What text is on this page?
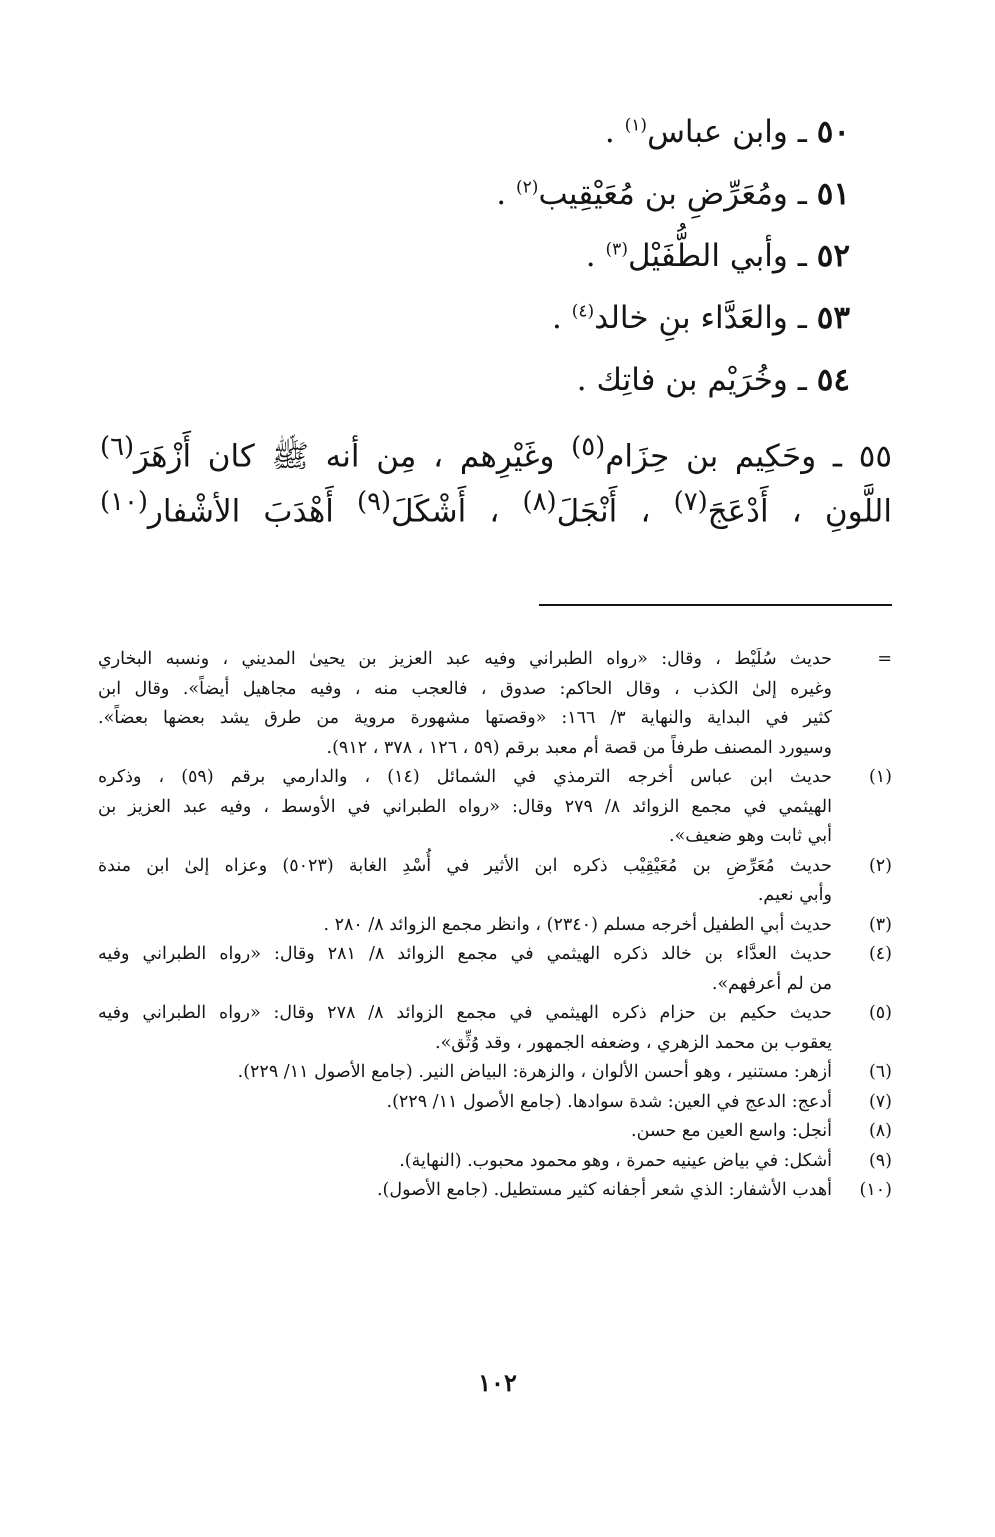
٥٠ ـ وابن عباس$^{(١)}$ .
٥١ ـ ومُعَرِّضِ بن مُعَيْقِيب$^{(٢)}$ .
٥٢ ـ وأبي الطُّفَيْل$^{(٣)}$ .
٥٣ ـ والعَدَّاء بنِ خالد$^{(٤)}$ .
٥٤ ـ وخُرَيْم بن فاتِك .
٥٥ ـ وحَكِيم بن حِزَام$^{(٥)}$ وغَيْرِهم ، مِن أنه ﷺ كان أَزْهَرَ$^{(٦)}$
اللَّونِ ، أَدْعَجَ$^{(٧)}$ ، أَنْجَلَ$^{(٨)}$ ، أَشْكَلَ$^{(٩)}$ أَهْدَبَ الأشْفار$^{(١٠)}$
=
حديث سُلَيْط ، وقال: «رواه الطبراني وفيه عبد العزيز بن يحيىٰ المديني ، ونسبه البخاري
وغيره إلىٰ الكذب ، وقال الحاكم: صدوق ، فالعجب منه ، وفيه مجاهيل أيضاً». وقال ابن
كثير في البداية والنهاية ٣/ ١٦٦: «وقصتها مشهورة مروية من طرق يشد بعضها بعضاً».
وسيورد المصنف طرفاً من قصة أم معبد برقم (٥٩ ، ١٢٦ ، ٣٧٨ ، ٩١٢).
(١)
حديث ابن عباس أخرجه الترمذي في الشمائل (١٤) ، والدارمي برقم (٥٩) ، وذكره
الهيثمي في مجمع الزوائد ٨/ ٢٧٩ وقال: «رواه الطبراني في الأوسط ، وفيه عبد العزيز بن
أبي ثابت وهو ضعيف».
(٢)
حديث مُعَرِّضِ بن مُعَيْقِيْب ذكره ابن الأثير في أُسْدِ الغابة (٥٠٢٣) وعزاه إلىٰ ابن مندة
وأبي نعيم.
(٣)
حديث أبي الطفيل أخرجه مسلم (٢٣٤٠) ، وانظر مجمع الزوائد ٨/ ٢٨٠ .
(٤)
حديث العدَّاء بن خالد ذكره الهيثمي في مجمع الزوائد ٨/ ٢٨١ وقال: «رواه الطبراني وفيه
من لم أعرفهم».
(٥)
حديث حكيم بن حزام ذكره الهيثمي في مجمع الزوائد ٨/ ٢٧٨ وقال: «رواه الطبراني وفيه
يعقوب بن محمد الزهري ، وضعفه الجمهور ، وقد وُثِّق».
(٦)
أزهر: مستنير ، وهو أحسن الألوان ، والزهرة: البياض النير. (جامع الأصول ١١/ ٢٢٩).
(٧)
أدعج: الدعج في العين: شدة سوادها. (جامع الأصول ١١/ ٢٢٩).
(٨)
أنجل: واسع العين مع حسن.
(٩)
أشكل: في بياض عينيه حمرة ، وهو محمود محبوب. (النهاية).
(١٠)
أهدب الأشفار: الذي شعر أجفانه كثير مستطيل. (جامع الأصول).
١٠٢
